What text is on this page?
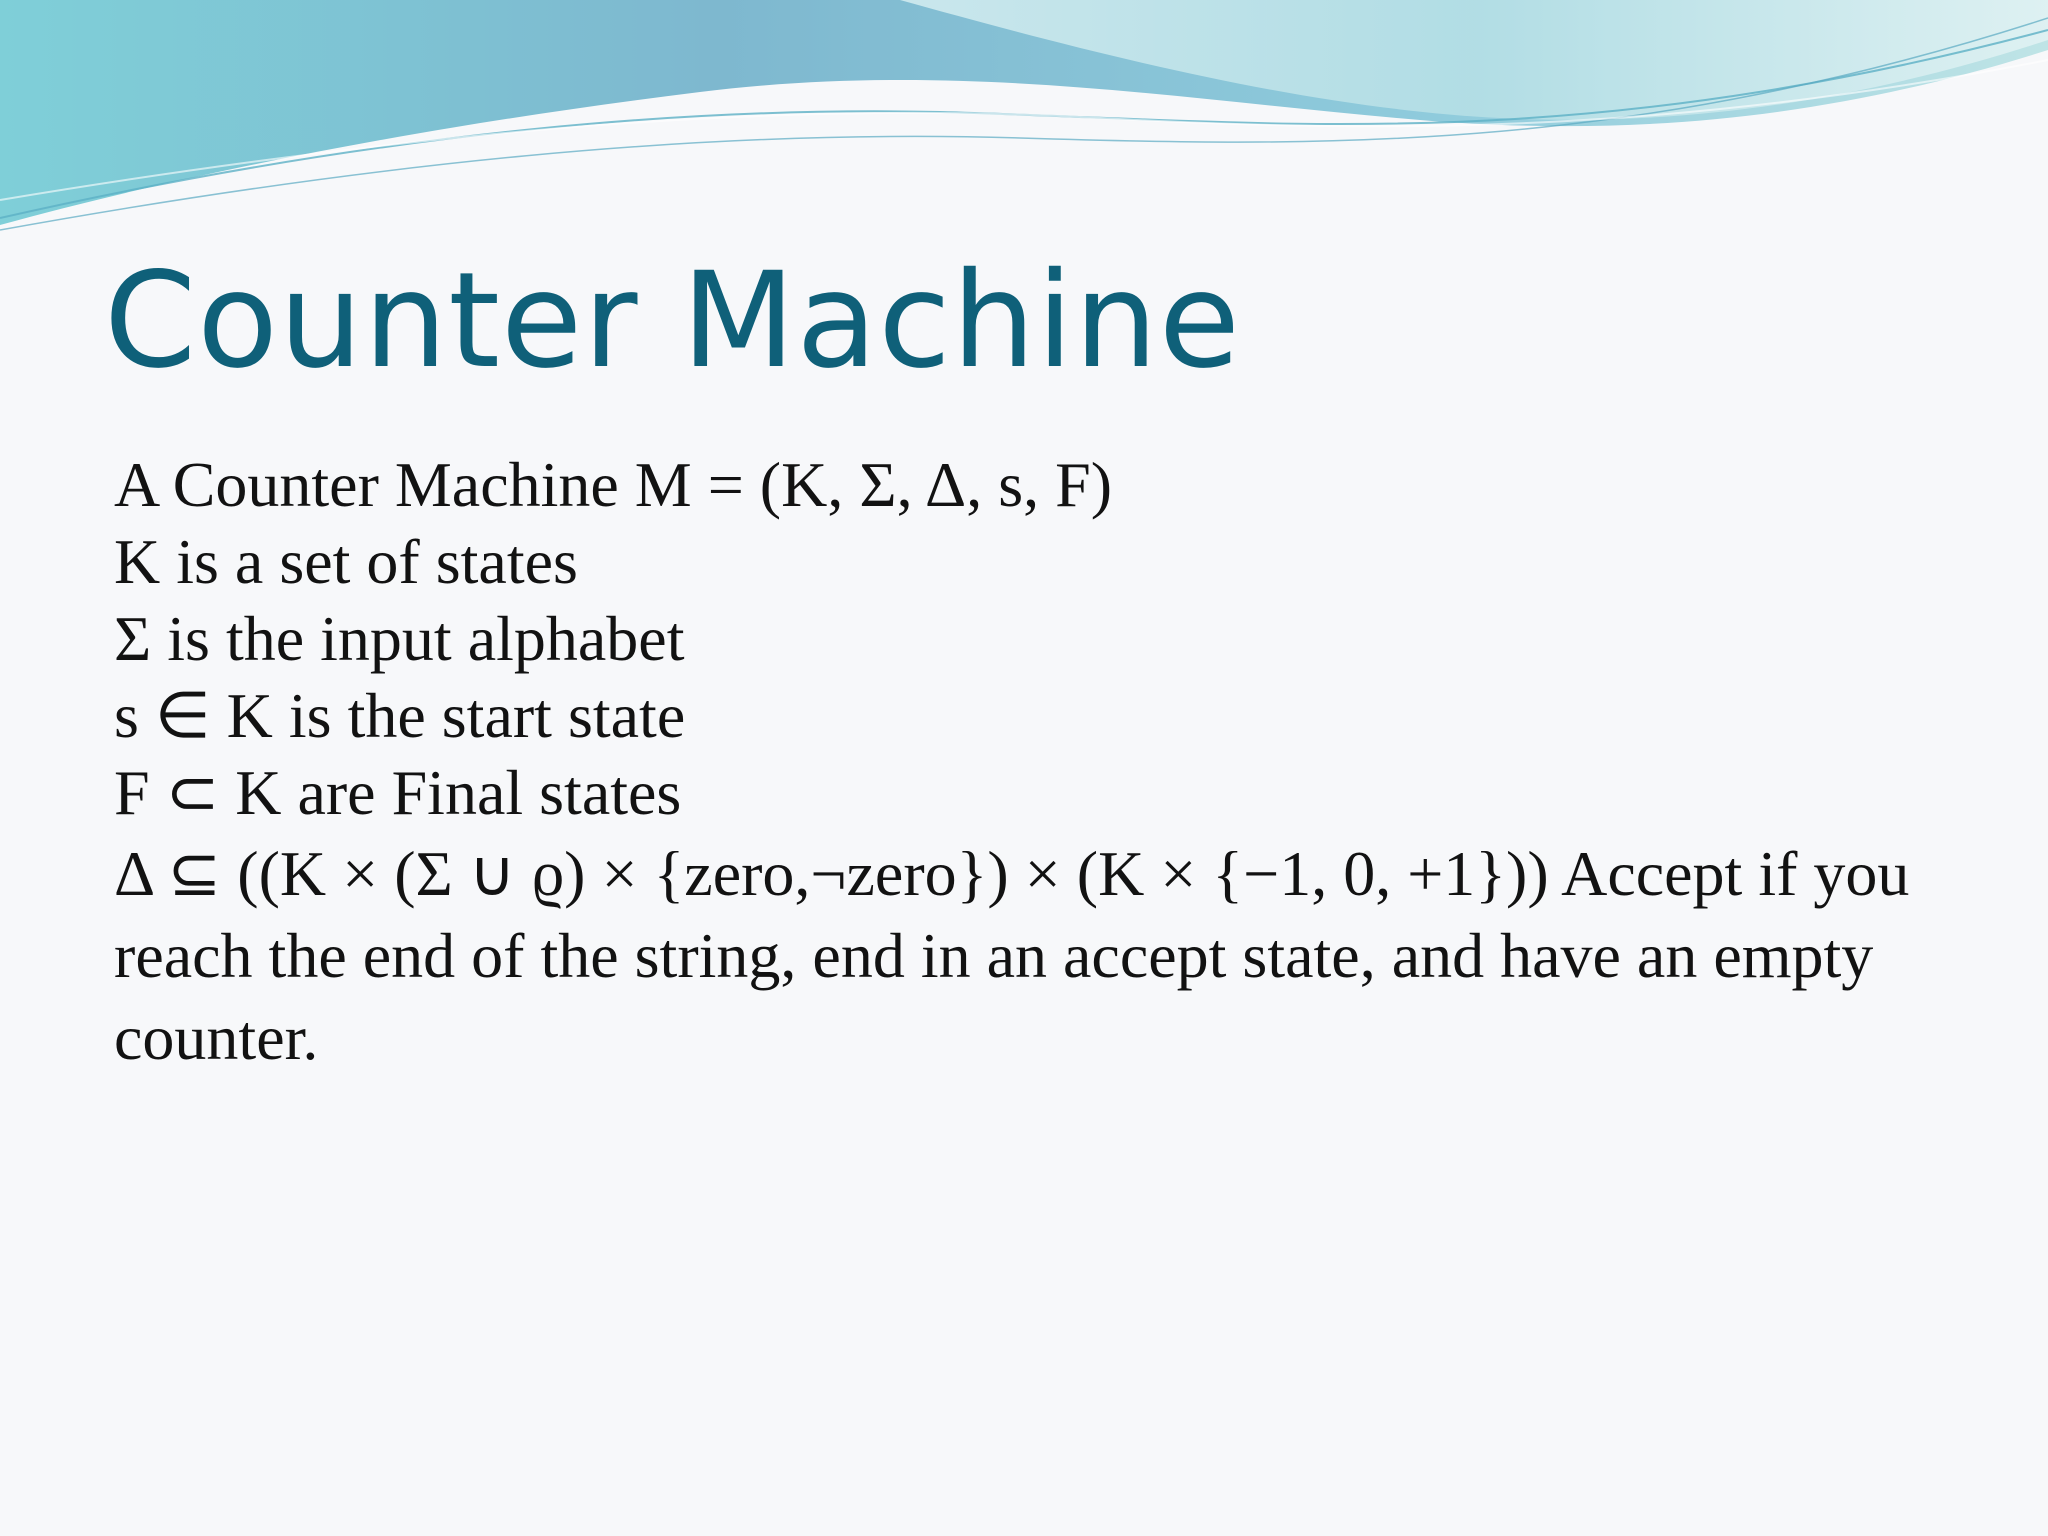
Counter Machine
A Counter Machine M = (K, Σ, Δ, s, F)
K is a set of states
Σ is the input alphabet
s ∈ K is the start state
F ⊂ K are Final states
Δ ⊆ ((K × (Σ ∪ ϱ) × {zero,¬zero}) × (K × {−1, 0, +1})) Accept if you reach the end of the string, end in an accept state, and have an empty counter.
